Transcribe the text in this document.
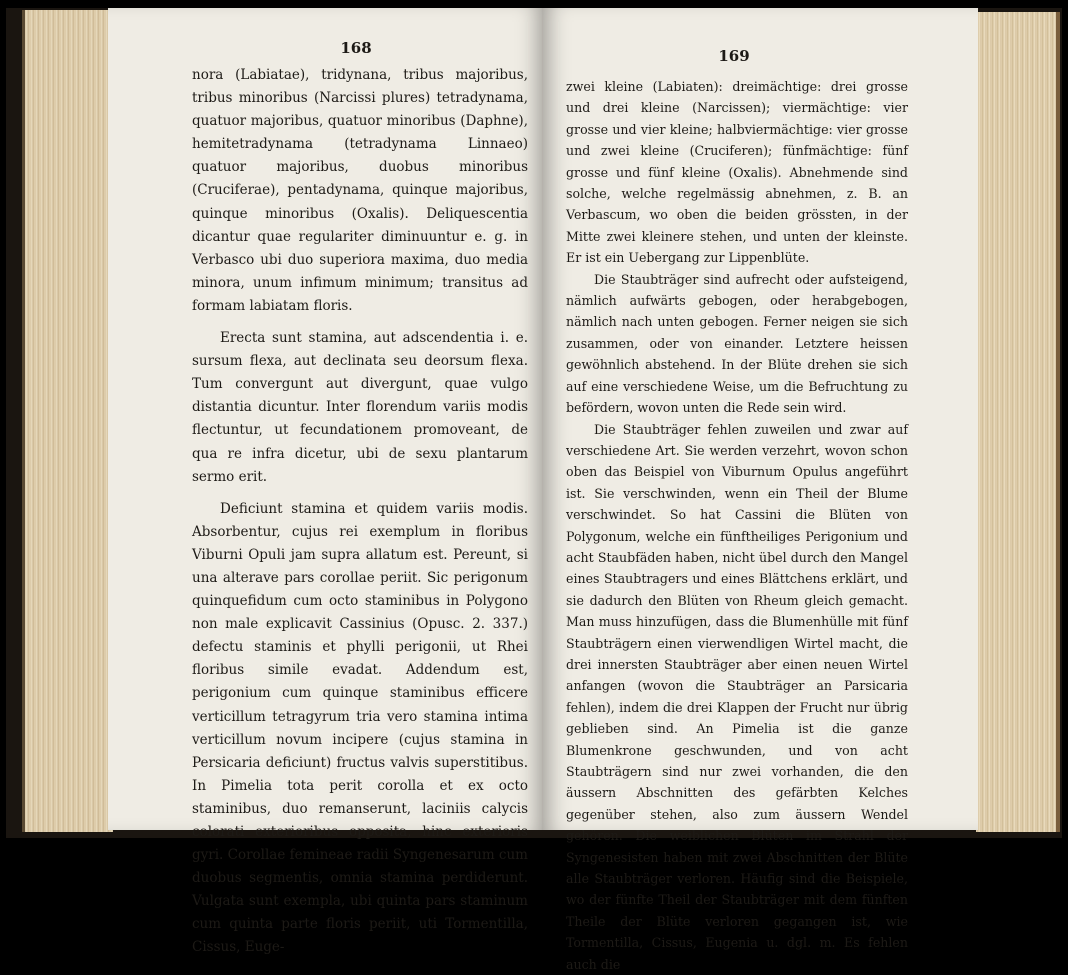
168

nora (Labiatae), tridynana, tribus majoribus, tribus minoribus (Narcissi plures) tetradynama, quatuor majoribus, quatuor minoribus (Daphne), hemitetradynama (tetradynama Linnaeo) quatuor majoribus, duobus minoribus (Cruciferae), pentadynama, quinque majoribus, quinque minoribus (Oxalis). Deliquescentia dicantur quae regulariter diminuuntur e. g. in Verbasco ubi duo superiora maxima, duo media minora, unum infimum minimum; transitus ad formam labiatam floris.

Erecta sunt stamina, aut adscendentia i. e. sursum flexa, aut declinata seu deorsum flexa. Tum convergunt aut divergunt, quae vulgo distantia dicuntur. Inter florendum variis modis flectuntur, ut fecundationem promoveant, de qua re infra dicetur, ubi de sexu plantarum sermo erit.

Deficiunt stamina et quidem variis modis. Absorbentur, cujus rei exemplum in floribus Viburni Opuli jam supra allatum est. Pereunt, si una alterave pars corollae periit. Sic perigonum quinquefidum cum octo staminibus in Polygono non male explicavit Cassinius (Opusc. 2. 337.) defectu staminis et phylli perigonii, ut Rhei floribus simile evadat. Addendum est, perigonium cum quinque staminibus efficere verticillum tetragyrum tria vero stamina intima verticillum novum incipere (cujus stamina in Persicaria deficiunt) fructus valvis superstitibus. In Pimelia tota perit corolla et ex octo staminibus, duo remanserunt, laciniis calycis colorati exterioribus opposita, hinc exterioris gyri. Corollae femineae radii Syngenesarum cum duobus segmentis, omnia stamina perdiderunt. Vulgata sunt exempla, ubi quinta pars staminum cum quinta parte floris periit, uti Tormentilla, Cissus, Euge-

169

zwei kleine (Labiaten): dreimächtige: drei grosse und drei kleine (Narcissen); viermächtige: vier grosse und vier kleine; halbviermächtige: vier grosse und zwei kleine (Cruciferen); fünfmächtige: fünf grosse und fünf kleine (Oxalis). Abnehmende sind solche, welche regelmässig abnehmen, z. B. an Verbascum, wo oben die beiden grössten, in der Mitte zwei kleinere stehen, und unten der kleinste. Er ist ein Uebergang zur Lippenblüte.

Die Staubträger sind aufrecht oder aufsteigend, nämlich aufwärts gebogen, oder herabgebogen, nämlich nach unten gebogen. Ferner neigen sie sich zusammen, oder von einander. Letztere heissen gewöhnlich abstehend. In der Blüte drehen sie sich auf eine verschiedene Weise, um die Befruchtung zu befördern, wovon unten die Rede sein wird.

Die Staubträger fehlen zuweilen und zwar auf verschiedene Art. Sie werden verzehrt, wovon schon oben das Beispiel von Viburnum Opulus angeführt ist. Sie verschwinden, wenn ein Theil der Blume verschwindet. So hat Cassini die Blüten von Polygonum, welche ein fünftheiliges Perigonium und acht Staubfäden haben, nicht übel durch den Mangel eines Staubtragers und eines Blättchens erklärt, und sie dadurch den Blüten von Rheum gleich gemacht. Man muss hinzufügen, dass die Blumenhülle mit fünf Staubträgern einen vierwendligen Wirtel macht, die drei innersten Staubträger aber einen neuen Wirtel anfangen (wovon die Staubträger an Parsicaria fehlen), indem die drei Klappen der Frucht nur übrig geblieben sind. An Pimelia ist die ganze Blumenkrone geschwunden, und von acht Staubträgern sind nur zwei vorhanden, die den äussern Abschnitten des gefärbten Kelches gegenüber stehen, also zum äussern Wendel gehören. Die weiblichen Blüten im Strahl der Syngenesisten haben mit zwei Abschnitten der Blüte alle Staubträger verloren. Häufig sind die Beispiele, wo der fünfte Theil der Staubträger mit dem fünften Theile der Blüte verloren gegangen ist, wie Tormentilla, Cissus, Eugenia u. dgl. m. Es fehlen auch die
